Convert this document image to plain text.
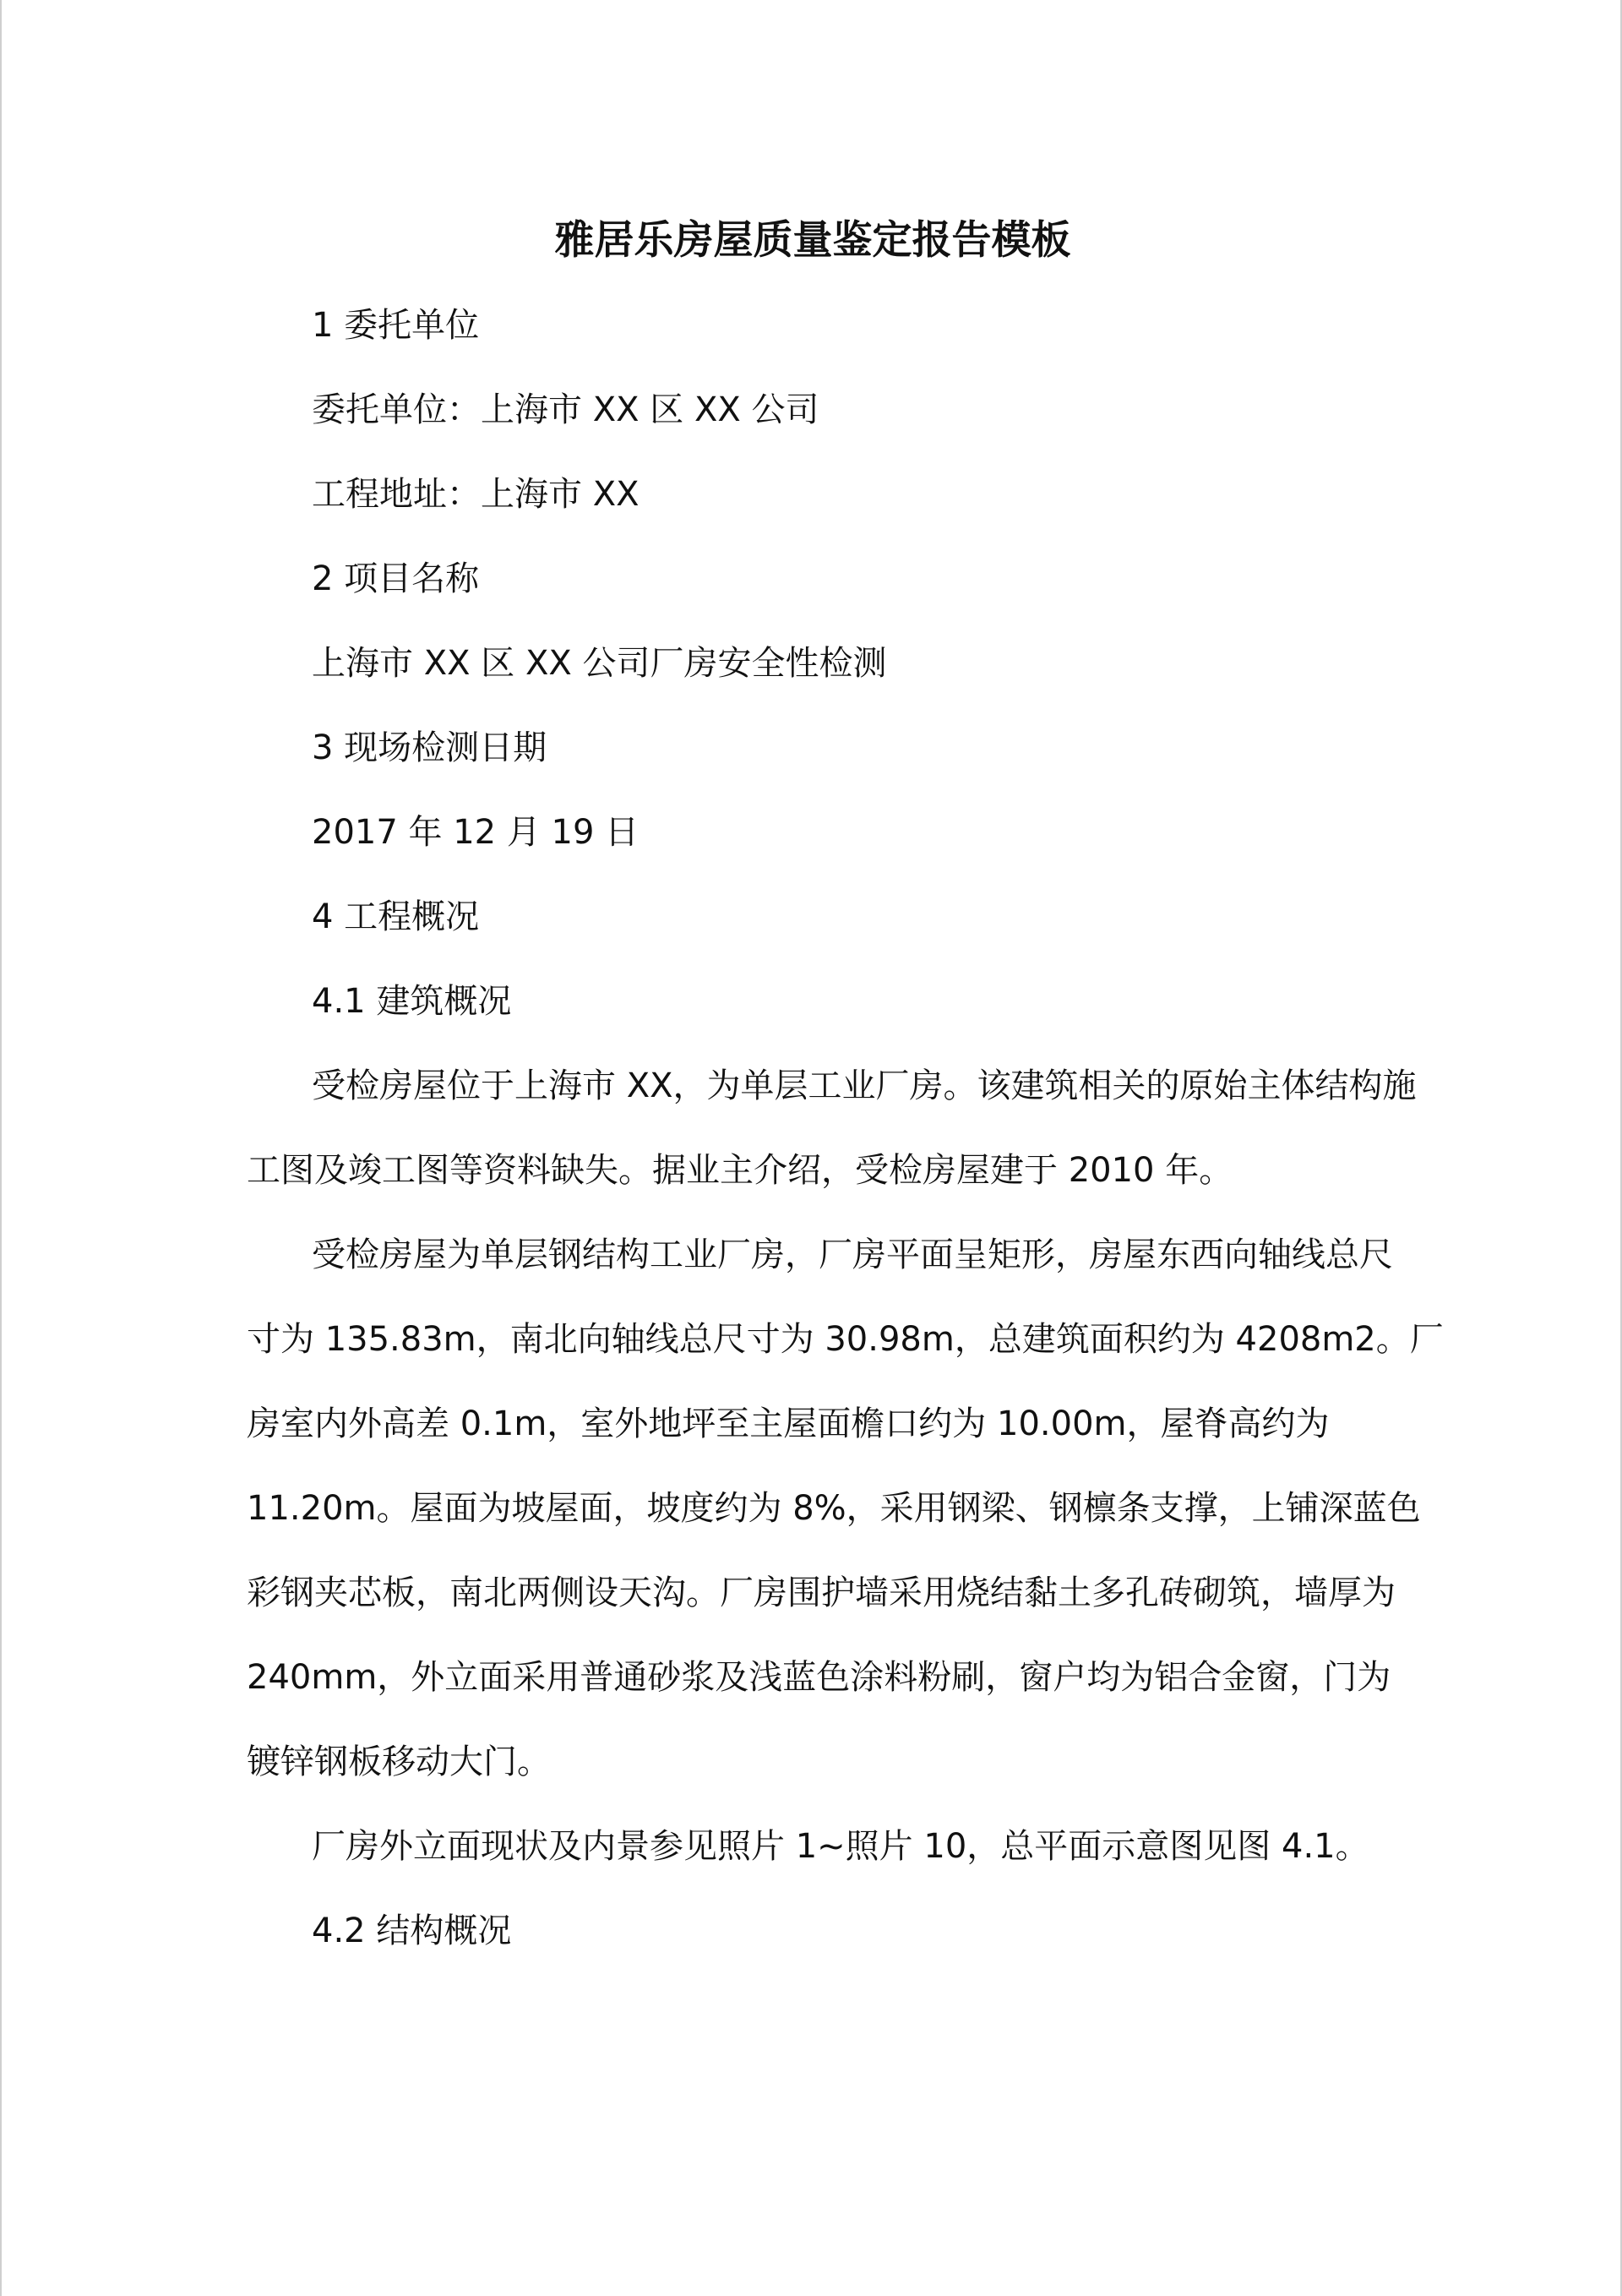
雅居乐房屋质量鉴定报告模板
1 委托单位
委托单位：上海市 XX 区 XX 公司
工程地址：上海市 XX
2 项目名称
上海市 XX 区 XX 公司厂房安全性检测
3 现场检测日期
2017 年 12 月 19 日
4 工程概况
4.1 建筑概况
受检房屋位于上海市 XX，为单层工业厂房。该建筑相关的原始主体结构施
工图及竣工图等资料缺失。据业主介绍，受检房屋建于 2010 年。
受检房屋为单层钢结构工业厂房，厂房平面呈矩形，房屋东西向轴线总尺
寸为 135.83m，南北向轴线总尺寸为 30.98m，总建筑面积约为 4208m2。厂
房室内外高差 0.1m，室外地坪至主屋面檐口约为 10.00m，屋脊高约为
11.20m。屋面为坡屋面，坡度约为 8%，采用钢梁、钢檩条支撑，上铺深蓝色
彩钢夹芯板，南北两侧设天沟。厂房围护墙采用烧结黏土多孔砖砌筑，墙厚为
240mm，外立面采用普通砂浆及浅蓝色涂料粉刷，窗户均为铝合金窗，门为
镀锌钢板移动大门。
厂房外立面现状及内景参见照片 1~照片 10，总平面示意图见图 4.1。
4.2 结构概况
